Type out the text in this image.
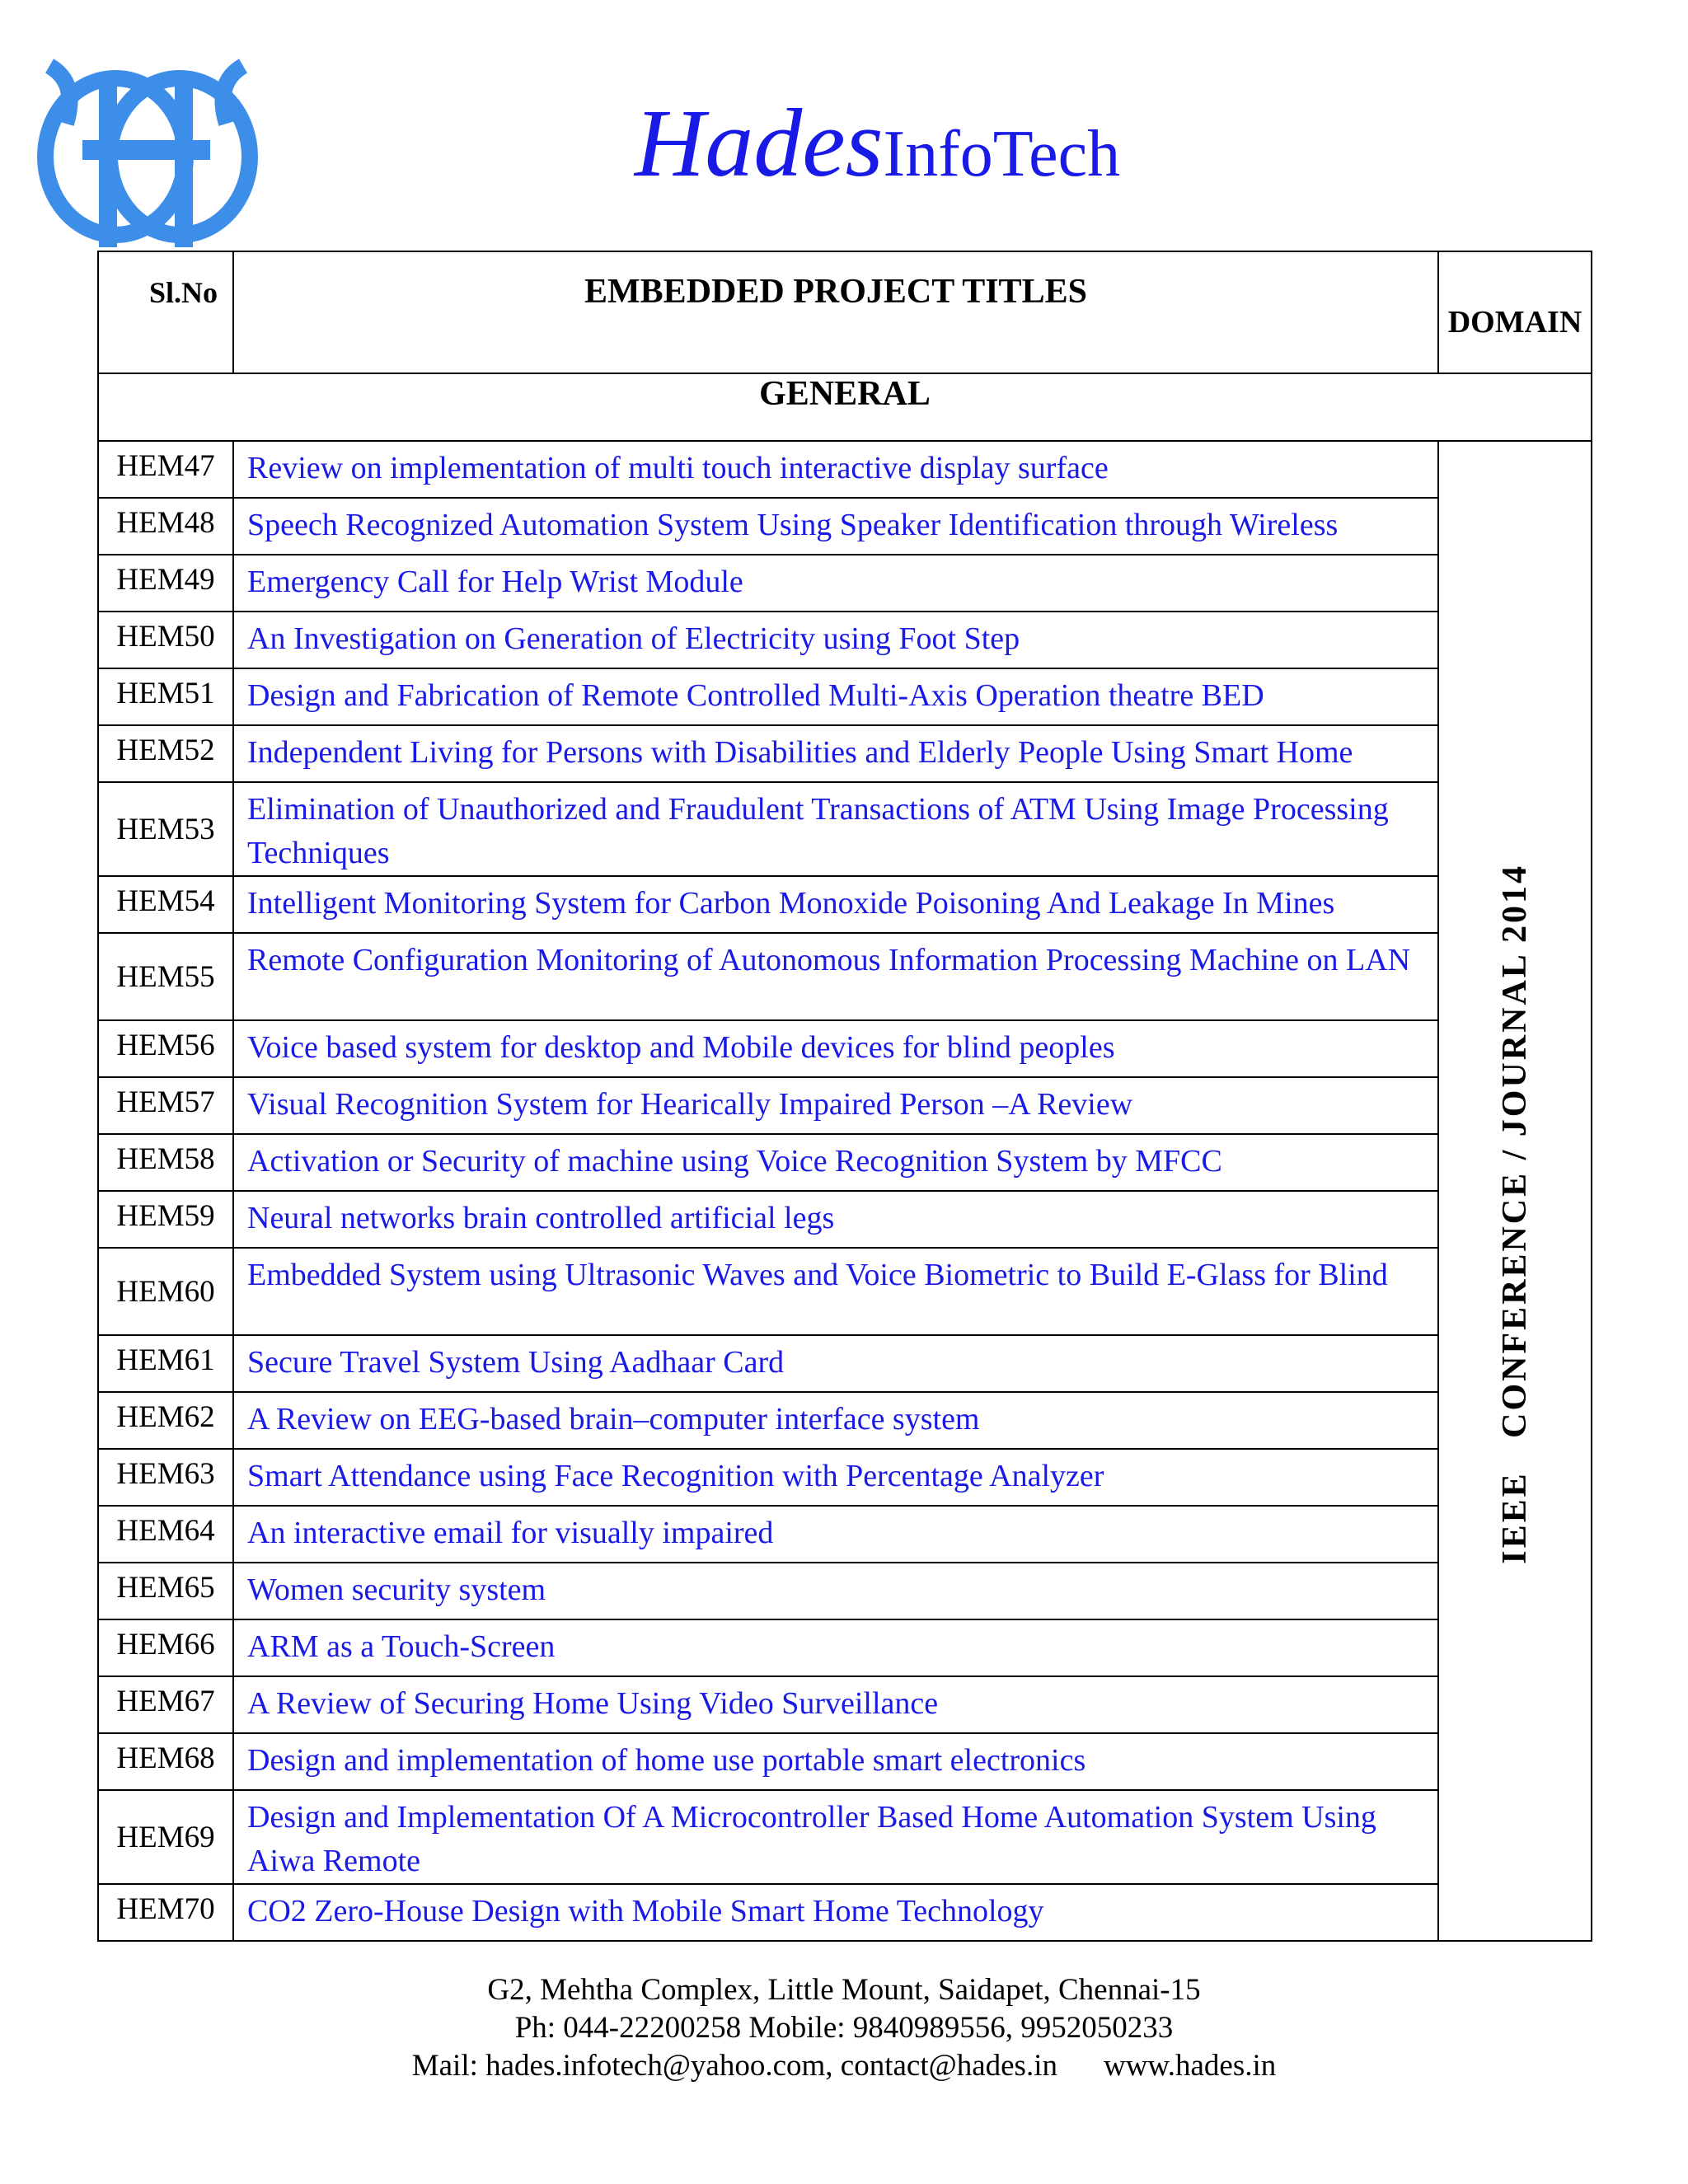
HadesInfoTech
Sl.No	EMBEDDED PROJECT TITLES	DOMAIN
GENERAL		
HEM47	Review on implementation of multi touch interactive display surface	IEEE   CONFERENCE / JOURNAL 2014
HEM48	Speech Recognized Automation System Using Speaker Identification through Wireless	
HEM49	Emergency Call for Help Wrist Module	
HEM50	An Investigation on Generation of Electricity using Foot Step	
HEM51	Design and Fabrication of Remote Controlled Multi-Axis Operation theatre BED	
HEM52	Independent Living for Persons with Disabilities and Elderly People Using Smart Home	
HEM53	Elimination of Unauthorized and Fraudulent Transactions of ATM Using Image Processing Techniques	
HEM54	Intelligent Monitoring System for Carbon Monoxide Poisoning And Leakage In Mines	
HEM55	Remote Configuration Monitoring of Autonomous Information Processing Machine on LAN	
HEM56	Voice based system for desktop and Mobile devices for blind peoples	
HEM57	Visual Recognition System for Hearically Impaired Person –A Review	
HEM58	Activation or Security of machine using Voice Recognition System by MFCC	
HEM59	Neural networks brain controlled artificial legs	
HEM60	Embedded System using Ultrasonic Waves and Voice Biometric to Build E-Glass for Blind	
HEM61	Secure Travel System Using Aadhaar Card	
HEM62	A Review on EEG-based brain–computer interface system	
HEM63	Smart Attendance using Face Recognition with Percentage Analyzer	
HEM64	An interactive email for visually impaired	
HEM65	Women security system	
HEM66	ARM as a Touch-Screen	
HEM67	A Review of Securing Home Using Video Surveillance	
HEM68	Design and implementation of home use portable smart electronics	
HEM69	Design and Implementation Of A Microcontroller Based Home Automation System Using Aiwa Remote	
HEM70	CO2 Zero-House Design with Mobile Smart Home Technology	
G2, Mehtha Complex, Little Mount, Saidapet, Chennai-15
Ph: 044-22200258 Mobile: 9840989556, 9952050233
Mail: hades.infotech@yahoo.com, contact@hades.in www.hades.in
